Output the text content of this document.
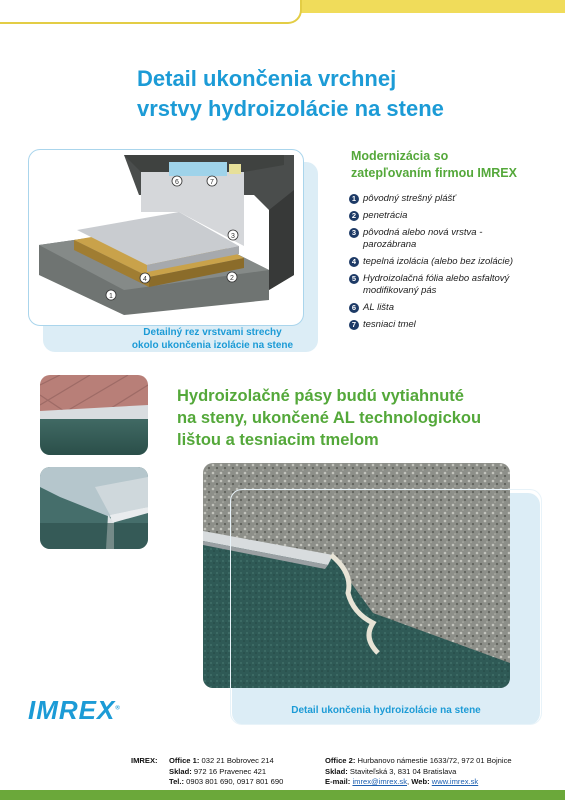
Detail ukončenia vrchnej
vrstvy hydroizolácie na stene
1
2
3
4
6	7
Detailný rez vrstvami strechy
okolo ukončenia izolácie na stene
Modernizácia so
zatepľovaním firmou IMREX
1 pôvodný strešný plášť
2 penetrácia
3 pôvodná alebo nová vrstva -
parozábrana
4 tepelná izolácia (alebo bez izolácie)
5 Hydroizolačná fólia alebo asfaltový
modifikovaný pás
6 AL lišta
7 tesniaci tmel
Hydroizolačné pásy budú vytiahnuté
na steny, ukončené AL technologickou
lištou a tesniacim tmelom
Detail ukončenia hydroizolácie na stene
IMREX®
IMREX:	Office 1:
032 21 Bobrovec 214
Sklad:
972 16 Pravenec 421
Tel.:
0903 801 690, 0917 801 690
Office 2: Hurbanovo námestie 1633/72, 972 01 Bojnice
Sklad: Staviteľská 3, 831 04 Bratislava
E-mail: imrex@imrex.sk, Web: www.imrex.sk
